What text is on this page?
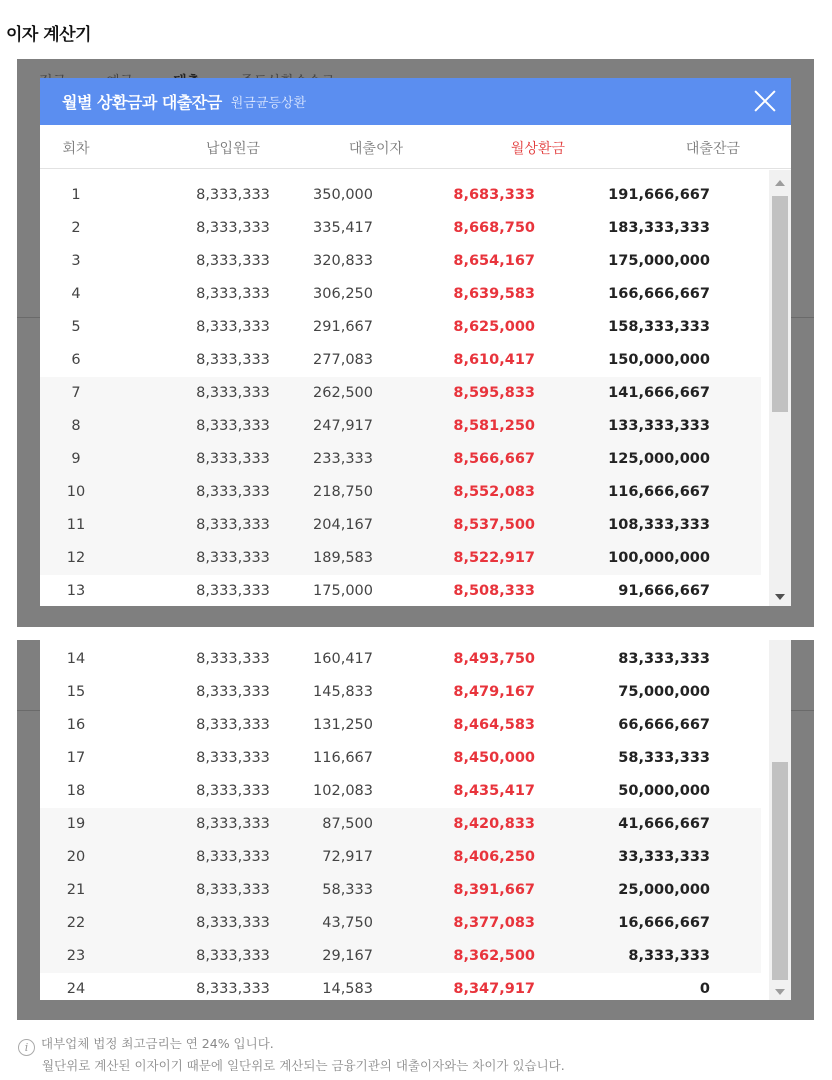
이자 계산기
월별 상환금과 대출잔금 원금균등상환
회차	납입원금	대출이자	월상환금	대출잔금
1	8,333,333	350,000	8,683,333	191,666,667
2	8,333,333	335,417	8,668,750	183,333,333
3	8,333,333	320,833	8,654,167	175,000,000
4	8,333,333	306,250	8,639,583	166,666,667
5	8,333,333	291,667	8,625,000	158,333,333
6	8,333,333	277,083	8,610,417	150,000,000
7	8,333,333	262,500	8,595,833	141,666,667
8	8,333,333	247,917	8,581,250	133,333,333
9	8,333,333	233,333	8,566,667	125,000,000
10	8,333,333	218,750	8,552,083	116,666,667
11	8,333,333	204,167	8,537,500	108,333,333
12	8,333,333	189,583	8,522,917	100,000,000
13	8,333,333	175,000	8,508,333	91,666,667
14	8,333,333	160,417	8,493,750	83,333,333
15	8,333,333	145,833	8,479,167	75,000,000
16	8,333,333	131,250	8,464,583	66,666,667
17	8,333,333	116,667	8,450,000	58,333,333
18	8,333,333	102,083	8,435,417	50,000,000
19	8,333,333	87,500	8,420,833	41,666,667
20	8,333,333	72,917	8,406,250	33,333,333
21	8,333,333	58,333	8,391,667	25,000,000
22	8,333,333	43,750	8,377,083	16,666,667
23	8,333,333	29,167	8,362,500	8,333,333
24	8,333,333	14,583	8,347,917	0
i 대부업체 법정 최고금리는 연 24% 입니다.
월단위로 계산된 이자이기 때문에 일단위로 계산되는 금융기관의 대출이자와는 차이가 있습니다.
